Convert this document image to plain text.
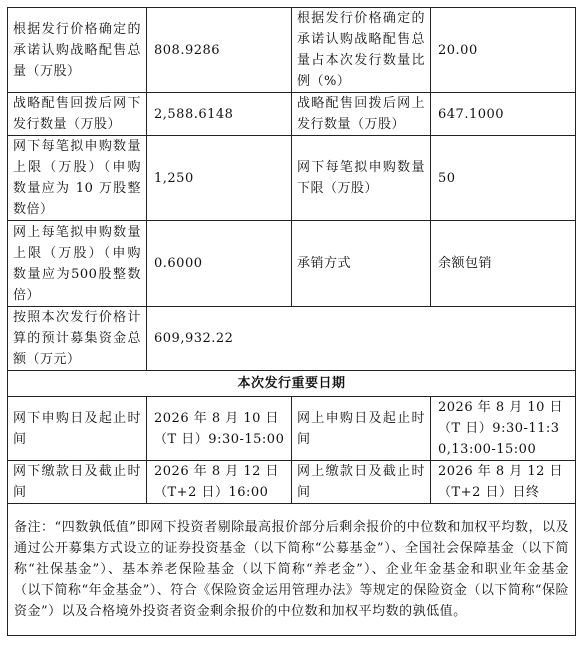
根据发行价格确定的承诺认购战略配售总量（万股）	808.9286	根据发行价格确定的承诺认购战略配售总量占本次发行数量比例（%）	20.00
战略配售回拨后网下发行数量（万股）	2,588.6148	战略配售回拨后网上发行数量（万股）	647.1000
网下每笔拟申购数量上限（万股）（申购数量应为 10 万股整数倍）	1,250	网下每笔拟申购数量下限（万股）	50
网上每笔拟申购数量上限（万股）（申购数量应为500股整数倍）	0.6000	承销方式	余额包销
按照本次发行价格计算的预计募集资金总额（万元）	609,932.22		
本次发行重要日期			
网下申购日及起止时间	2026 年 8 月 10 日（T 日）9:30-15:00	网上申购日及起止时间	2026 年 8 月 10 日（T 日）9:30-11:30,13:00-15:00
网下缴款日及截止时间	2026 年 8 月 12 日（T+2 日）16:00	网上缴款日及截止时间	2026 年 8 月 12 日（T+2 日）日终
备注：“四数孰低值”即网下投资者剔除最高报价部分后剩余报价的中位数和加权平均数，以及通过公开募集方式设立的证券投资基金（以下简称“公募基金”）、全国社会保障基金（以下简称“社保基金”）、基本养老保险基金（以下简称“养老金”）、企业年金基金和职业年金基金（以下简称“年金基金”）、符合《保险资金运用管理办法》等规定的保险资金（以下简称“保险资金”）以及合格境外投资者资金剩余报价的中位数和加权平均数的孰低值。			
